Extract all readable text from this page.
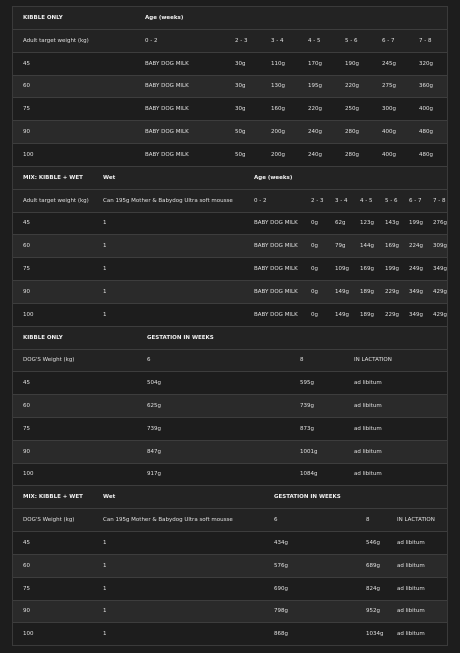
KIBBLE ONLY	Age (weeks)
Adult target weight (kg)	0 - 2	2 - 3	3 - 4	4 - 5	5 - 6	6 - 7	7 - 8
45	BABY DOG MILK	30g	110g	170g	190g	245g	320g
60	BABY DOG MILK	30g	130g	195g	220g	275g	360g
75	BABY DOG MILK	30g	160g	220g	250g	300g	400g
90	BABY DOG MILK	50g	200g	240g	280g	400g	480g
100	BABY DOG MILK	50g	200g	240g	280g	400g	480g
MIX: KIBBLE + WET	Wet	Age (weeks)
Adult target weight (kg)	Can 195g Mother & Babydog Ultra soft mousse	0 - 2	2 - 3 3 - 4 4 - 5 5 - 6 6 - 7 7 - 8
45	1	BABY DOG MILK 0g	62g	123g 143g 199g 276g
60	1	BABY DOG MILK 0g	79g	144g 169g 224g 309g
75	1	BABY DOG MILK 0g	109g 169g 199g 249g 349g
90	1	BABY DOG MILK 0g	149g 189g 229g 349g 429g
100	1	BABY DOG MILK 0g	149g 189g 229g 349g 429g
KIBBLE ONLY	GESTATION IN WEEKS
DOG'S Weight (kg)	6	8	IN LACTATION
45	504g	595g	ad libitum
60	625g	739g	ad libitum
75	739g	873g	ad libitum
90	847g	1001g	ad libitum
100	917g	1084g	ad libitum
MIX: KIBBLE + WET	Wet	GESTATION IN WEEKS
DOG'S Weight (kg)	Can 195g Mother & Babydog Ultra soft mousse	6	8	IN LACTATION
45	1	434g	546g	ad libitum
60	1	576g	689g	ad libitum
75	1	690g	824g	ad libitum
90	1	798g	952g	ad libitum
100	1	868g	1034g ad libitum
